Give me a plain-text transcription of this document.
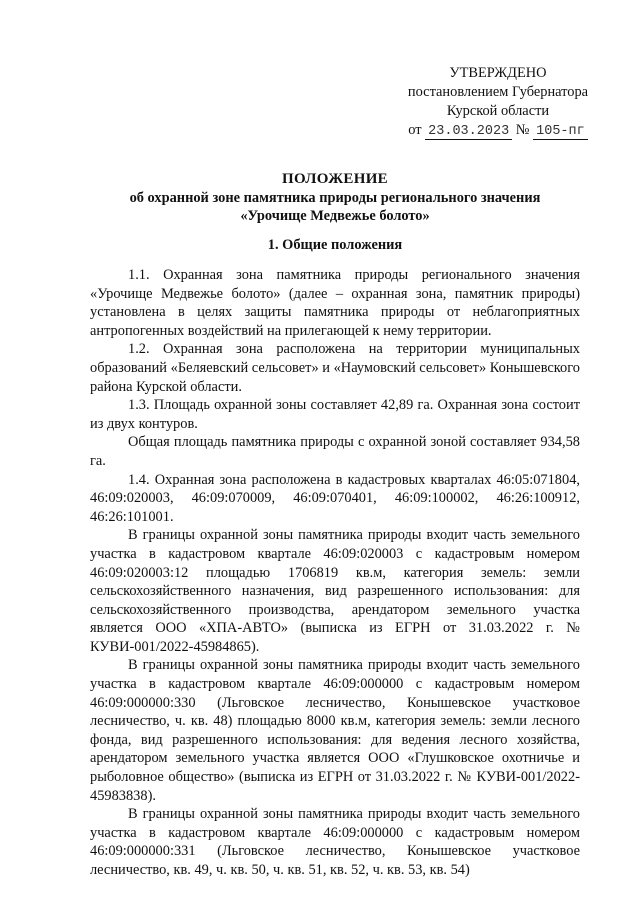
УТВЕРЖДЕНО
постановлением Губернатора
Курской области
от 23.03.2023 № 105-пг
ПОЛОЖЕНИЕ
об охранной зоне памятника природы регионального значения
«Урочище Медвежье болото»
1. Общие положения

1.1. Охранная зона памятника природы регионального значения «Урочище Медвежье болото» (далее – охранная зона, памятник природы) установлена в целях защиты памятника природы от неблагоприятных антропогенных воздействий на прилегающей к нему территории.

1.2. Охранная зона расположена на территории муниципальных образований «Беляевский сельсовет» и «Наумовский сельсовет» Конышевского района Курской области.

1.3. Площадь охранной зоны составляет 42,89 га. Охранная зона состоит из двух контуров.

Общая площадь памятника природы с охранной зоной составляет 934,58 га.

1.4. Охранная зона расположена в кадастровых кварталах 46:05:071804, 46:09:020003, 46:09:070009, 46:09:070401, 46:09:100002, 46:26:100912, 46:26:101001.

В границы охранной зоны памятника природы входит часть земельного участка в кадастровом квартале 46:09:020003 с кадастровым номером 46:09:020003:12 площадью 1706819 кв.м, категория земель: земли сельскохозяйственного назначения, вид разрешенного использования: для сельскохозяйственного производства, арендатором земельного участка является ООО «ХПА-АВТО» (выписка из ЕГРН от 31.03.2022 г. № КУВИ-001/2022-45984865).

В границы охранной зоны памятника природы входит часть земельного участка в кадастровом квартале 46:09:000000 с кадастровым номером 46:09:000000:330 (Льговское лесничество, Конышевское участковое лесничество, ч. кв. 48) площадью 8000 кв.м, категория земель: земли лесного фонда, вид разрешенного использования: для ведения лесного хозяйства, арендатором земельного участка является ООО «Глушковское охотничье и рыболовное общество» (выписка из ЕГРН от 31.03.2022 г. № КУВИ-001/2022-45983838).

В границы охранной зоны памятника природы входит часть земельного участка в кадастровом квартале 46:09:000000 с кадастровым номером 46:09:000000:331 (Льговское лесничество, Конышевское участковое лесничество, кв. 49, ч. кв. 50, ч. кв. 51, кв. 52, ч. кв. 53, кв. 54)
